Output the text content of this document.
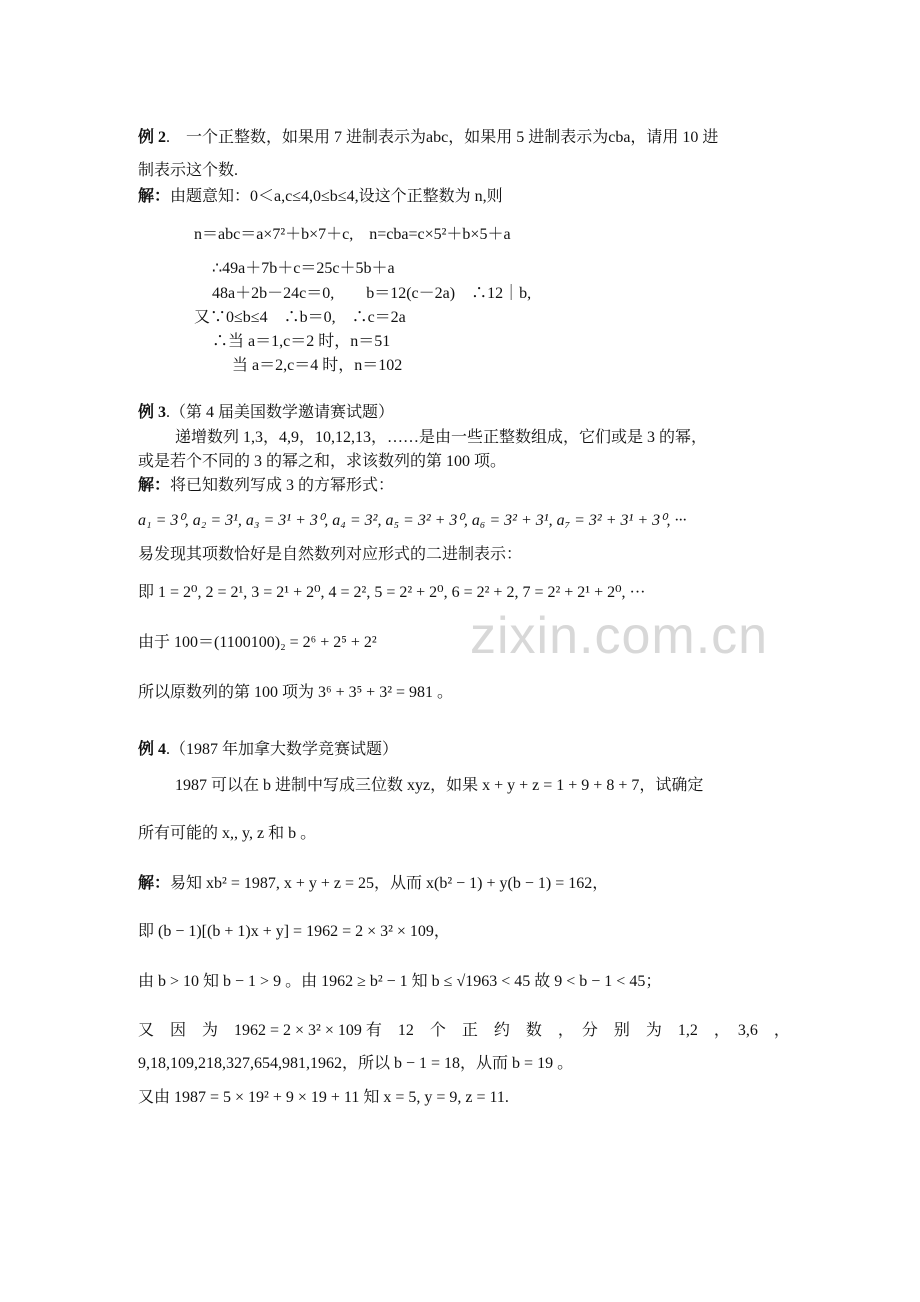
zixin.com.cn
例 2.　一个正整数，如果用 7 进制表示为abc，如果用 5 进制表示为cba，请用 10 进
制表示这个数.
解：由题意知：0＜a,c≤4,0≤b≤4,设这个正整数为 n,则
n＝abc＝a×7²＋b×7＋c,　n=cba=c×5²＋b×5＋a
∴49a＋7b＋c＝25c＋5b＋a
48a＋2b－24c＝0,　　b＝12(c－2a)　∴12｜b,
又∵0≤b≤4　∴b＝0,　∴c＝2a
∴当 a＝1,c＝2 时，n＝51
当 a＝2,c＝4 时，n＝102
例 3.（第 4 届美国数学邀请赛试题）
递增数列 1,3，4,9，10,12,13，……是由一些正整数组成，它们或是 3 的幂，
或是若个不同的 3 的幂之和，求该数列的第 100 项。
解：将已知数列写成 3 的方幂形式：
a₁ = 3⁰, a₂ = 3¹, a₃ = 3¹ + 3⁰, a₄ = 3², a₅ = 3² + 3⁰, a₆ = 3² + 3¹, a₇ = 3² + 3¹ + 3⁰, ···
易发现其项数恰好是自然数列对应形式的二进制表示：
即 1 = 2⁰, 2 = 2¹, 3 = 2¹ + 2⁰, 4 = 2², 5 = 2² + 2⁰, 6 = 2² + 2, 7 = 2² + 2¹ + 2⁰, ···
由于 100＝(1100100)₂ = 2⁶ + 2⁵ + 2²
所以原数列的第 100 项为 3⁶ + 3⁵ + 3² = 981 。
例 4.（1987 年加拿大数学竞赛试题）
1987 可以在 b 进制中写成三位数 xyz，如果 x + y + z = 1 + 9 + 8 + 7，试确定
所有可能的 x,, y, z 和 b 。
解：易知 xb² = 1987, x + y + z = 25，从而 x(b² − 1) + y(b − 1) = 162，
即 (b − 1)[(b + 1)x + y] = 1962 = 2 × 3² × 109，
由 b > 10 知 b − 1 > 9 。由 1962 ≥ b² − 1 知 b ≤ √1963 < 45 故 9 < b − 1 < 45；
又　因　为　1962 = 2 × 3² × 109 有　12　个　正　约　数　，　分　别　为　1,2　，　3,6　，
9,18,109,218,327,654,981,1962，所以 b − 1 = 18，从而 b = 19 。
又由 1987 = 5 × 19² + 9 × 19 + 11 知 x = 5, y = 9, z = 11.
